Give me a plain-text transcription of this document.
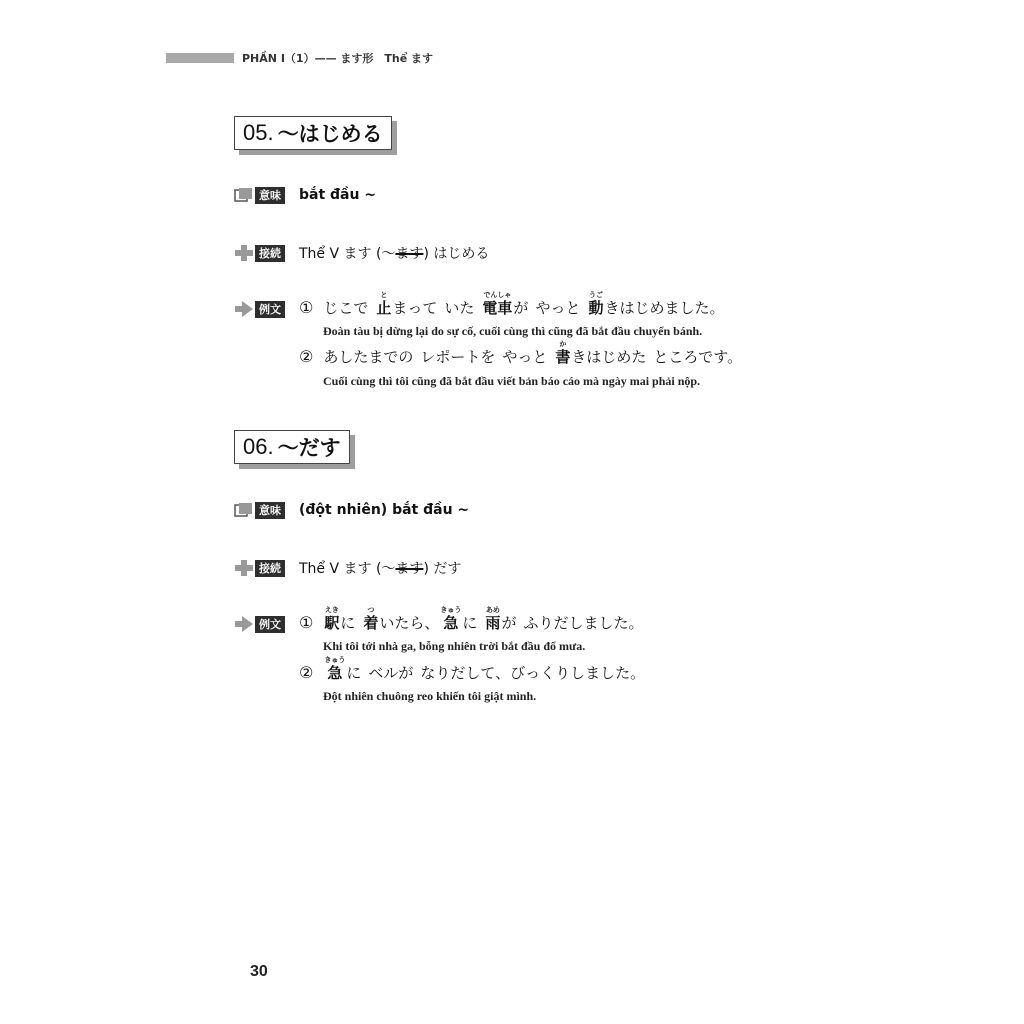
PHẦN I（1）—— ます形　Thể ます
05. ～はじめる
意味 bắt đầu ~
接続 Thể V ます (～ます) はじめる
例文 ① じこで
と
止 まって いた
でんしゃ
電車 が やっと
うご
動 きはじめました。
Đoàn tàu bị dừng lại do sự cố, cuối cùng thì cũng đã bắt đầu chuyển bánh.
② あしたまでの レポートを やっと
か
書 きはじめた ところです。
Cuối cùng thì tôi cũng đã bắt đầu viết bản báo cáo mà ngày mai phải nộp.
06. ～だす
意味 (đột nhiên) bắt đầu ~
接続 Thể V ます (～ます) だす
例文 ①
えき
駅 に
つ
着 いたら、
きゅう
急 に
あめ
雨 が ふりだしました。
Khi tôi tới nhà ga, bỗng nhiên trời bắt đầu đổ mưa.
②
きゅう
急 に ベルが なりだして、 びっくりしました。
Đột nhiên chuông reo khiến tôi giật mình.
30
